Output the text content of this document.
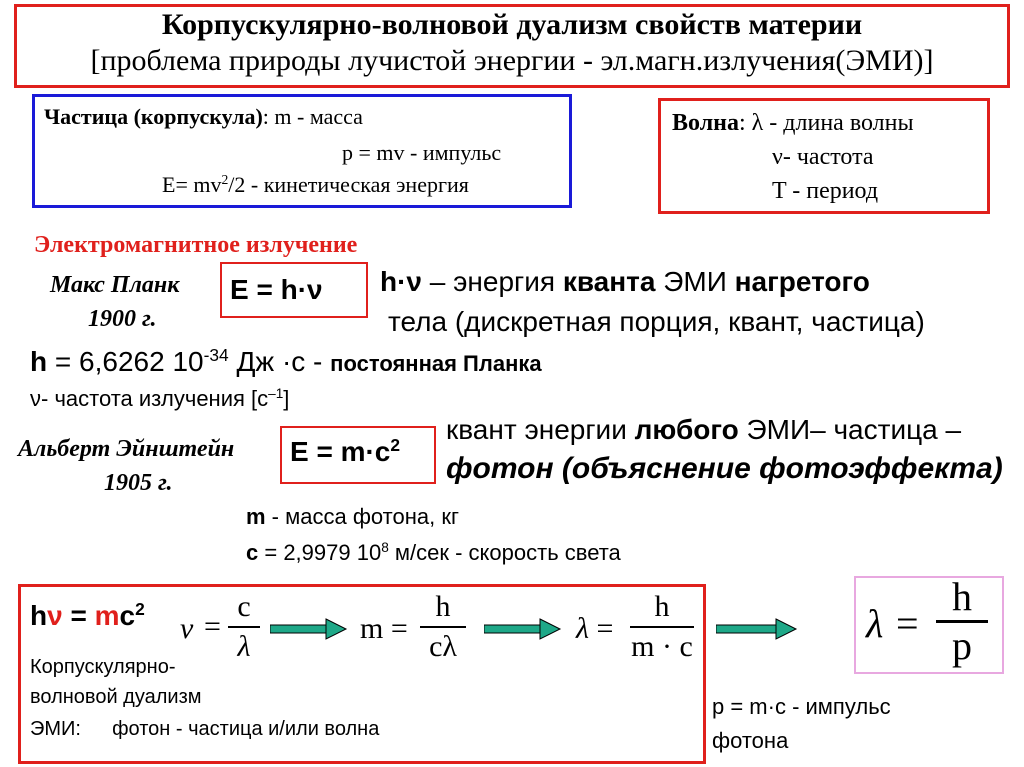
Корпускулярно-волновой дуализм свойств материи
[проблема природы лучистой энергии - эл.магн.излучения(ЭМИ)]
Частица (корпускула): m - масса
p = mv - импульс
$E= mv^2/2$ - кинетическая энергия
Волна: λ - длина волны
ν- частота
T - период
Электромагнитное излучение
Макс Планк
1900 г.
E = h·ν h·ν – энергия кванта ЭМИ нагретого
тела (дискретная порция, квант, частица)
h = 6,6262 $10^{-34}$ Дж ·с - постоянная Планка
ν- частота излучения $[с^{-1}]$
Альберт Эйнштейн
1905 г.
$E = m\cdot c^2$ квант энергии любого ЭМИ– частица –
фотон (объяснение фотоэффекта)
m - масса фотона, кг
c = 2,9979 $10^8$ м/сек - скорость света
$h\nu = mc^2$
ν =
c
λ
m =
h
cλ
λ =
h
m · c
Корпускулярно-
волновой дуализм
ЭМИ: фотон - частица и/или волна
λ =
h
p
p = m·c - импульс
фотона
